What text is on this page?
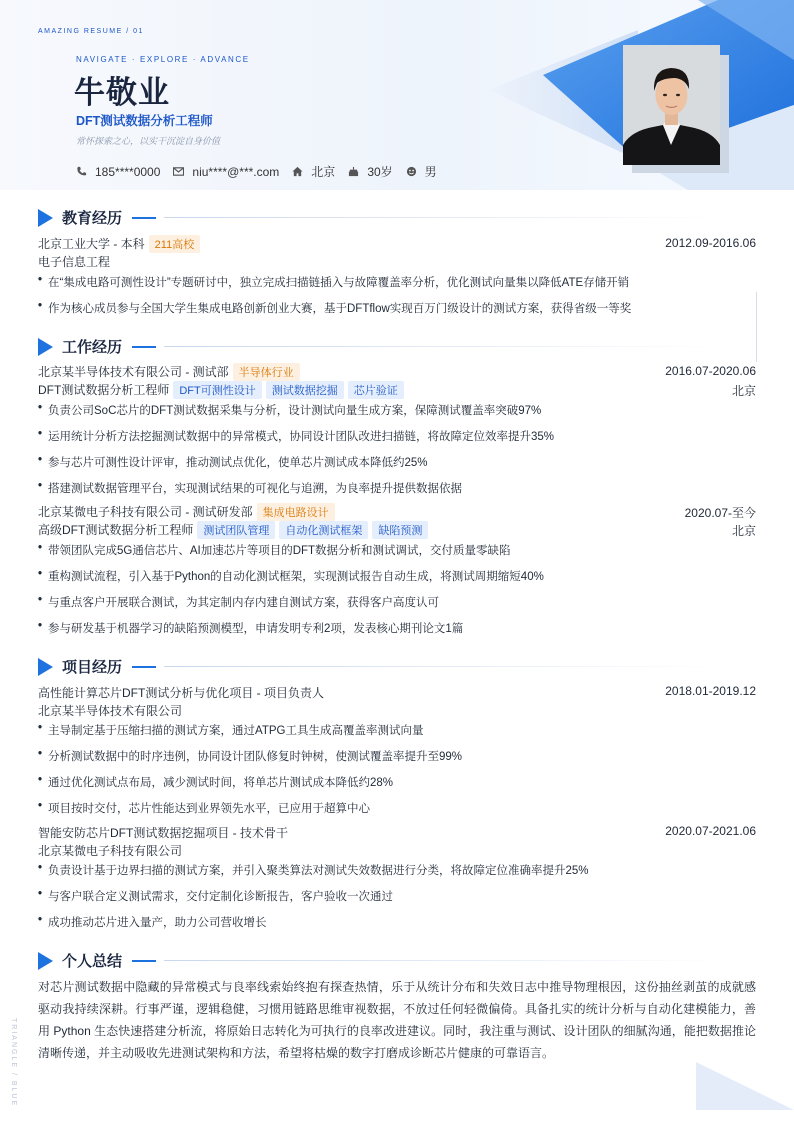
AMAZING RESUME / 01
NAVIGATE · EXPLORE · ADVANCE
牛敬业
DFT测试数据分析工程师
常怀探索之心，以实干沉淀自身价值
185****0000	niu****@***.com	北京	30岁	男
TRIANGLE / BLUE
教育经历
北京工业大学 - 本科 211高校	2012.09-2016.06
电子信息工程
• 在“集成电路可测性设计”专题研讨中，独立完成扫描链插入与故障覆盖率分析，优化测试向量集以降低ATE存储开销
• 作为核心成员参与全国大学生集成电路创新创业大赛，基于DFTflow实现百万门级设计的测试方案，获得省级一等奖
工作经历
北京某半导体技术有限公司 - 测试部 半导体行业	2016.07-2020.06
DFT测试数据分析工程师 DFT可测性设计 测试数据挖掘 芯片验证	北京
• 负责公司SoC芯片的DFT测试数据采集与分析，设计测试向量生成方案，保障测试覆盖率突破97%
• 运用统计分析方法挖掘测试数据中的异常模式，协同设计团队改进扫描链，将故障定位效率提升35%
• 参与芯片可测性设计评审，推动测试点优化，使单芯片测试成本降低约25%
• 搭建测试数据管理平台，实现测试结果的可视化与追溯，为良率提升提供数据依据
北京某微电子科技有限公司 - 测试研发部 集成电路设计	2020.07-至今
高级DFT测试数据分析工程师 测试团队管理 自动化测试框架 缺陷预测	北京
• 带领团队完成5G通信芯片、AI加速芯片等项目的DFT数据分析和测试调试，交付质量零缺陷
• 重构测试流程，引入基于Python的自动化测试框架，实现测试报告自动生成，将测试周期缩短40%
• 与重点客户开展联合测试，为其定制内存内建自测试方案，获得客户高度认可
• 参与研发基于机器学习的缺陷预测模型，申请发明专利2项，发表核心期刊论文1篇
项目经历
高性能计算芯片DFT测试分析与优化项目 - 项目负责人	2018.01-2019.12
北京某半导体技术有限公司
• 主导制定基于压缩扫描的测试方案，通过ATPG工具生成高覆盖率测试向量
• 分析测试数据中的时序违例，协同设计团队修复时钟树，使测试覆盖率提升至99%
• 通过优化测试点布局，减少测试时间，将单芯片测试成本降低约28%
• 项目按时交付，芯片性能达到业界领先水平，已应用于超算中心
智能安防芯片DFT测试数据挖掘项目 - 技术骨干	2020.07-2021.06
北京某微电子科技有限公司
• 负责设计基于边界扫描的测试方案，并引入聚类算法对测试失效数据进行分类，将故障定位准确率提升25%
• 与客户联合定义测试需求，交付定制化诊断报告，客户验收一次通过
• 成功推动芯片进入量产，助力公司营收增长
个人总结
对芯片测试数据中隐藏的异常模式与良率线索始终抱有探查热情，乐于从统计分布和失效日志中推导物理根因，这份抽丝剥茧的成就感驱动我持续深耕。行事严谨，逻辑稳健，习惯用链路思维审视数据，不放过任何轻微偏倚。具备扎实的统计分析与自动化建模能力，善用 Python 生态快速搭建分析流，将原始日志转化为可执行的良率改进建议。同时，我注重与测试、设计团队的细腻沟通，能把数据推论清晰传递，并主动吸收先进测试架构和方法，希望将枯燥的数字打磨成诊断芯片健康的可靠语言。
